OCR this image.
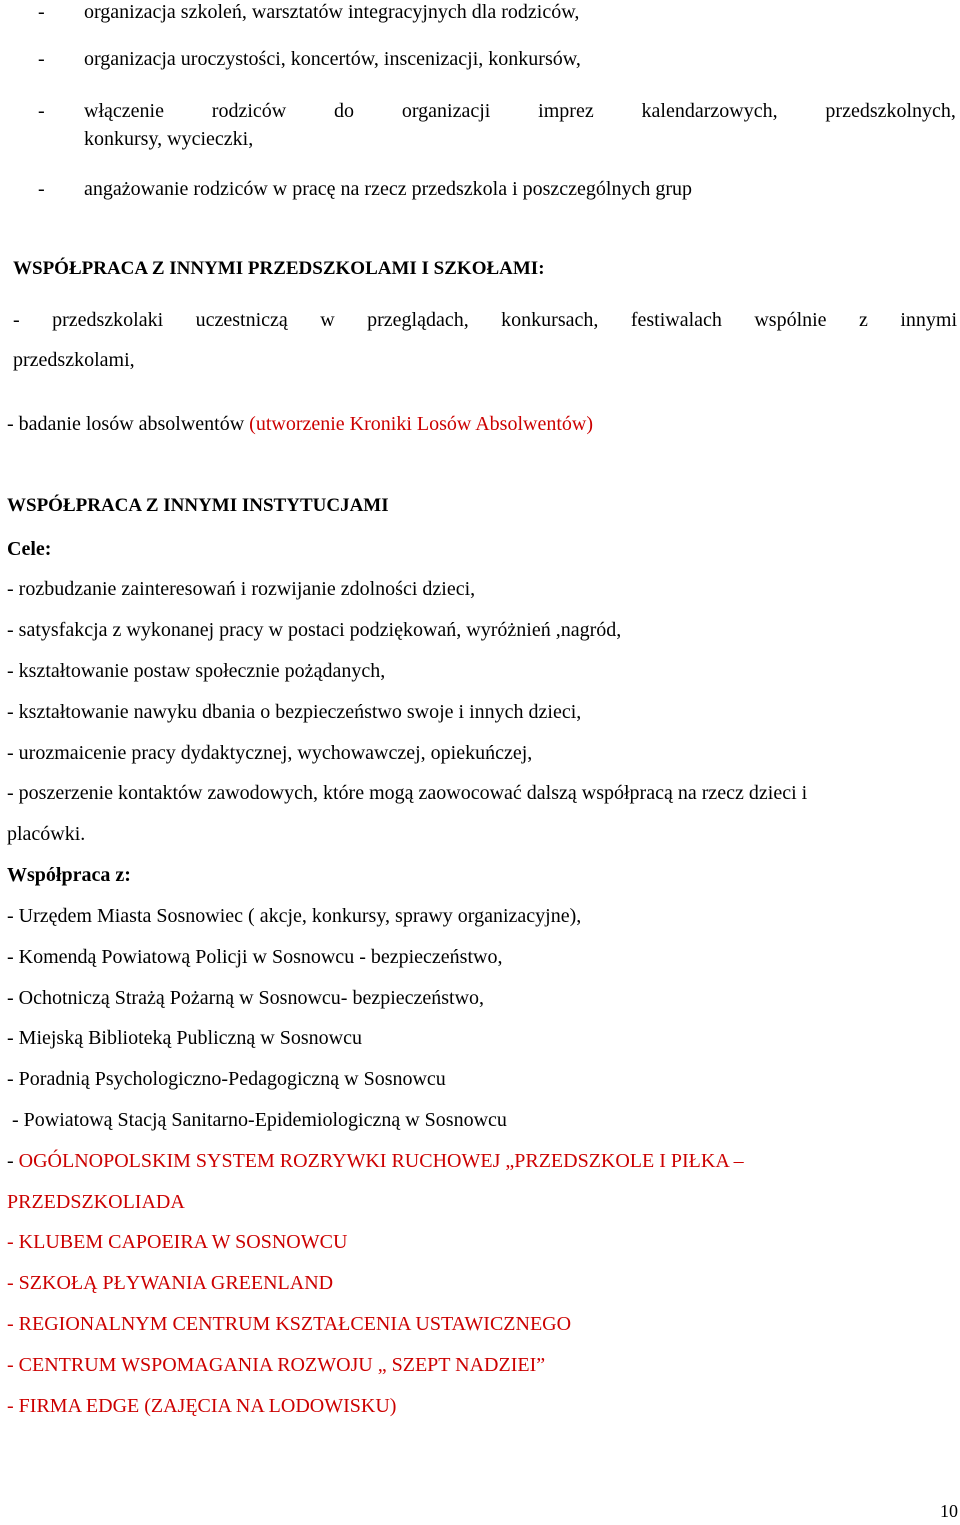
- organizacja szkoleń, warsztatów integracyjnych dla rodziców,
- organizacja uroczystości, koncertów, inscenizacji, konkursów,
- włączenie rodziców do organizacji imprez kalendarzowych, przedszkolnych,
konkursy, wycieczki,
- angażowanie rodziców w pracę na rzecz przedszkola i poszczególnych grup
WSPÓŁPRACA Z INNYMI PRZEDSZKOLAMI I SZKOŁAMI:
- przedszkolaki uczestniczą w przeglądach, konkursach, festiwalach wspólnie z innymi
przedszkolami,
- badanie losów absolwentów (utworzenie Kroniki Losów Absolwentów)
WSPÓŁPRACA Z INNYMI INSTYTUCJAMI
Cele:
- rozbudzanie zainteresowań i rozwijanie zdolności dzieci,
- satysfakcja z wykonanej pracy w postaci podziękowań, wyróżnień ,nagród,
- kształtowanie postaw społecznie pożądanych,
- kształtowanie nawyku dbania o bezpieczeństwo swoje i innych dzieci,
- urozmaicenie pracy dydaktycznej, wychowawczej, opiekuńczej,
- poszerzenie kontaktów zawodowych, które mogą zaowocować dalszą współpracą na rzecz dzieci i
placówki.
Współpraca z:
- Urzędem Miasta Sosnowiec ( akcje, konkursy, sprawy organizacyjne),
- Komendą Powiatową Policji w Sosnowcu - bezpieczeństwo,
- Ochotniczą Strażą Pożarną w Sosnowcu- bezpieczeństwo,
- Miejską Biblioteką Publiczną w Sosnowcu
- Poradnią Psychologiczno-Pedagogiczną w Sosnowcu
- Powiatową Stacją Sanitarno-Epidemiologiczną w Sosnowcu
- OGÓLNOPOLSKIM SYSTEM ROZRYWKI RUCHOWEJ „PRZEDSZKOLE I PIŁKA –
PRZEDSZKOLIADA
- KLUBEM CAPOEIRA W SOSNOWCU
- SZKOŁĄ PŁYWANIA GREENLAND
- REGIONALNYM CENTRUM KSZTAŁCENIA USTAWICZNEGO
- CENTRUM WSPOMAGANIA ROZWOJU „ SZEPT NADZIEI”
- FIRMA EDGE (ZAJĘCIA NA LODOWISKU)
10
